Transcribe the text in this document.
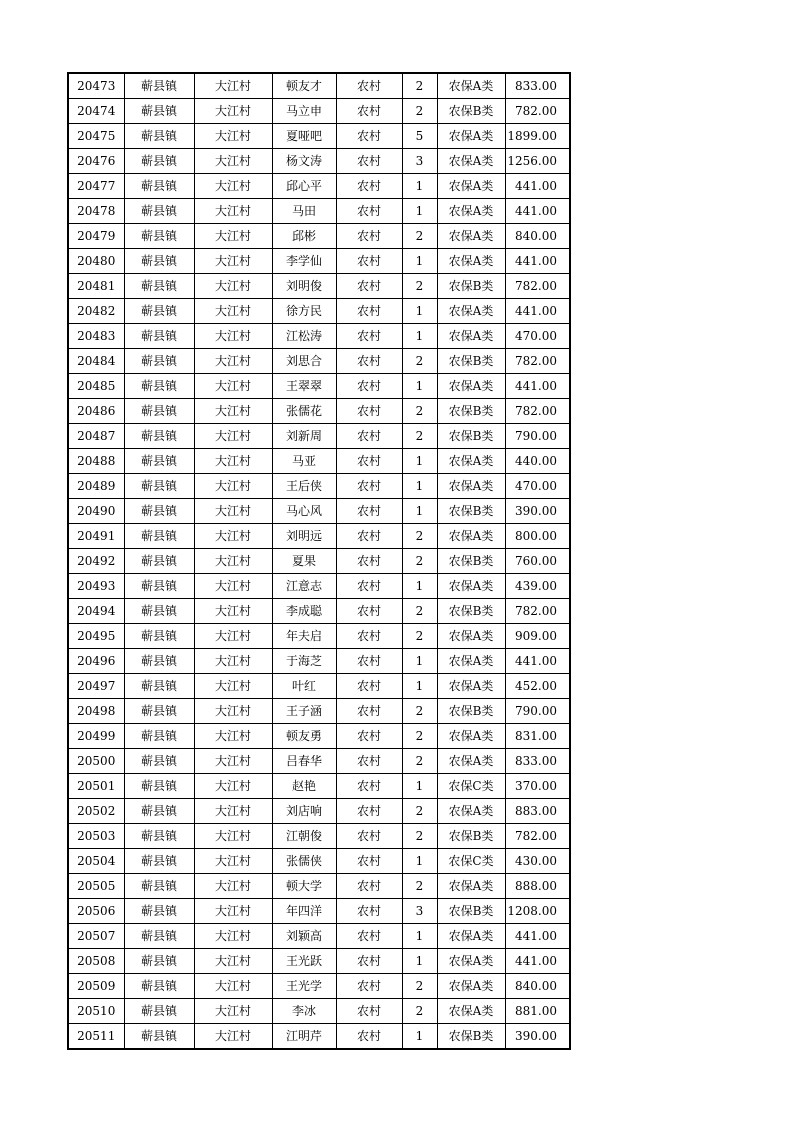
20473	蕲县镇	大江村	顿友才	农村	2	农保A类	833.00
20474	蕲县镇	大江村	马立申	农村	2	农保B类	782.00
20475	蕲县镇	大江村	夏哑吧	农村	5	农保A类	1899.00
20476	蕲县镇	大江村	杨文涛	农村	3	农保A类	1256.00
20477	蕲县镇	大江村	邱心平	农村	1	农保A类	441.00
20478	蕲县镇	大江村	马田	农村	1	农保A类	441.00
20479	蕲县镇	大江村	邱彬	农村	2	农保A类	840.00
20480	蕲县镇	大江村	李学仙	农村	1	农保A类	441.00
20481	蕲县镇	大江村	刘明俊	农村	2	农保B类	782.00
20482	蕲县镇	大江村	徐方民	农村	1	农保A类	441.00
20483	蕲县镇	大江村	江松涛	农村	1	农保A类	470.00
20484	蕲县镇	大江村	刘思合	农村	2	农保B类	782.00
20485	蕲县镇	大江村	王翠翠	农村	1	农保A类	441.00
20486	蕲县镇	大江村	张儒花	农村	2	农保B类	782.00
20487	蕲县镇	大江村	刘新周	农村	2	农保B类	790.00
20488	蕲县镇	大江村	马亚	农村	1	农保A类	440.00
20489	蕲县镇	大江村	王后侠	农村	1	农保A类	470.00
20490	蕲县镇	大江村	马心风	农村	1	农保B类	390.00
20491	蕲县镇	大江村	刘明远	农村	2	农保A类	800.00
20492	蕲县镇	大江村	夏果	农村	2	农保B类	760.00
20493	蕲县镇	大江村	江意志	农村	1	农保A类	439.00
20494	蕲县镇	大江村	李成聪	农村	2	农保B类	782.00
20495	蕲县镇	大江村	年夫启	农村	2	农保A类	909.00
20496	蕲县镇	大江村	于海芝	农村	1	农保A类	441.00
20497	蕲县镇	大江村	叶红	农村	1	农保A类	452.00
20498	蕲县镇	大江村	王子涵	农村	2	农保B类	790.00
20499	蕲县镇	大江村	顿友勇	农村	2	农保A类	831.00
20500	蕲县镇	大江村	吕春华	农村	2	农保A类	833.00
20501	蕲县镇	大江村	赵艳	农村	1	农保C类	370.00
20502	蕲县镇	大江村	刘店响	农村	2	农保A类	883.00
20503	蕲县镇	大江村	江朝俊	农村	2	农保B类	782.00
20504	蕲县镇	大江村	张儒侠	农村	1	农保C类	430.00
20505	蕲县镇	大江村	顿大学	农村	2	农保A类	888.00
20506	蕲县镇	大江村	年四洋	农村	3	农保B类	1208.00
20507	蕲县镇	大江村	刘颖高	农村	1	农保A类	441.00
20508	蕲县镇	大江村	王光跃	农村	1	农保A类	441.00
20509	蕲县镇	大江村	王光学	农村	2	农保A类	840.00
20510	蕲县镇	大江村	李冰	农村	2	农保A类	881.00
20511	蕲县镇	大江村	江明芹	农村	1	农保B类	390.00
